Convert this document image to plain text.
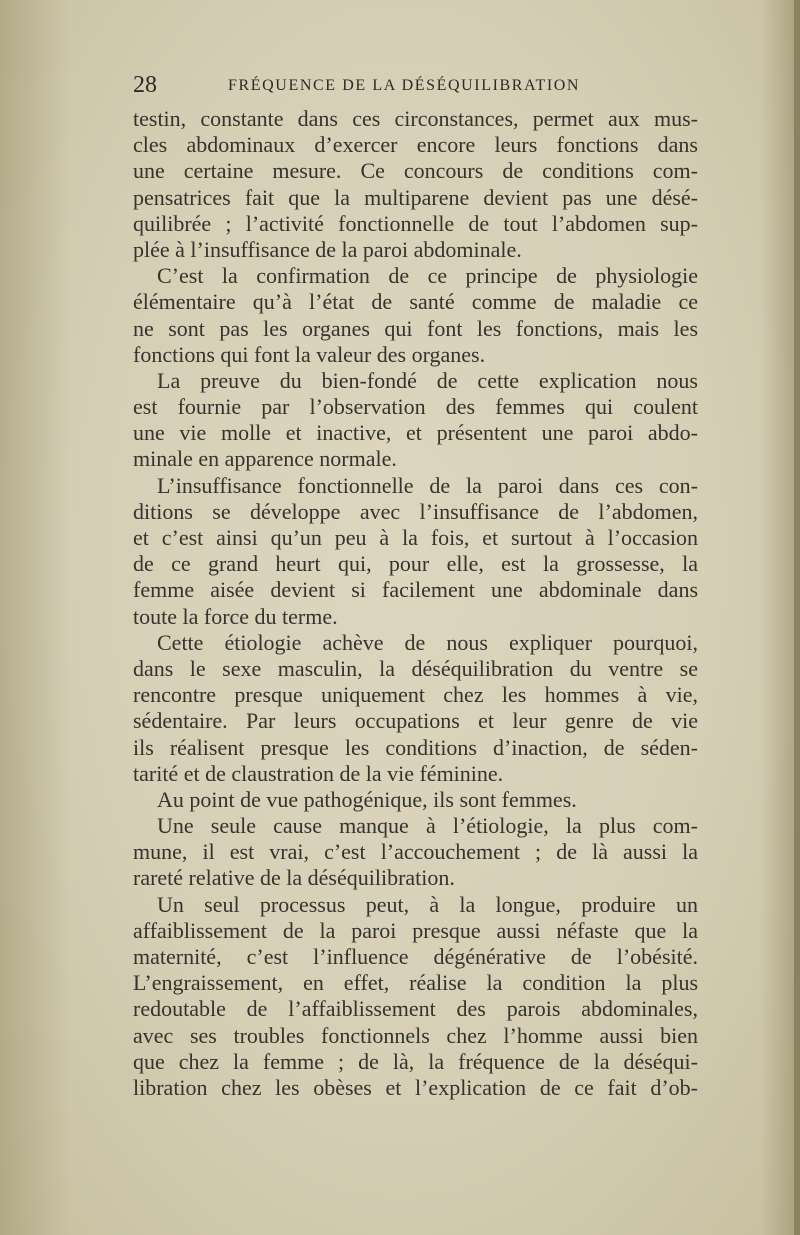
28	FRÉQUENCE DE LA DÉSÉQUILIBRATION
testin, constante dans ces circonstances, permet aux mus-
cles abdominaux d’exercer encore leurs fonctions dans
une certaine mesure. Ce concours de conditions com-
pensatrices fait que la multiparene devient pas une désé-
quilibrée ; l’activité fonctionnelle de tout l’abdomen sup-
plée à l’insuffisance de la paroi abdominale.
C’est la confirmation de ce principe de physiologie
élémentaire qu’à l’état de santé comme de maladie ce
ne sont pas les organes qui font les fonctions, mais les
fonctions qui font la valeur des organes.
La preuve du bien-fondé de cette explication nous
est fournie par l’observation des femmes qui coulent
une vie molle et inactive, et présentent une paroi abdo-
minale en apparence normale.
L’insuffisance fonctionnelle de la paroi dans ces con-
ditions se développe avec l’insuffisance de l’abdomen,
et c’est ainsi qu’un peu à la fois, et surtout à l’occasion
de ce grand heurt qui, pour elle, est la grossesse, la
femme aisée devient si facilement une abdominale dans
toute la force du terme.
Cette étiologie achève de nous expliquer pourquoi,
dans le sexe masculin, la déséquilibration du ventre se
rencontre presque uniquement chez les hommes à vie,
sédentaire. Par leurs occupations et leur genre de vie
ils réalisent presque les conditions d’inaction, de séden-
tarité et de claustration de la vie féminine.
Au point de vue pathogénique, ils sont femmes.
Une seule cause manque à l’étiologie, la plus com-
mune, il est vrai, c’est l’accouchement ; de là aussi la
rareté relative de la déséquilibration.
Un seul processus peut, à la longue, produire un
affaiblissement de la paroi presque aussi néfaste que la
maternité, c’est l’influence dégénérative de l’obésité.
L’engraissement, en effet, réalise la condition la plus
redoutable de l’affaiblissement des parois abdominales,
avec ses troubles fonctionnels chez l’homme aussi bien
que chez la femme ; de là, la fréquence de la déséqui-
libration chez les obèses et l’explication de ce fait d’ob-
